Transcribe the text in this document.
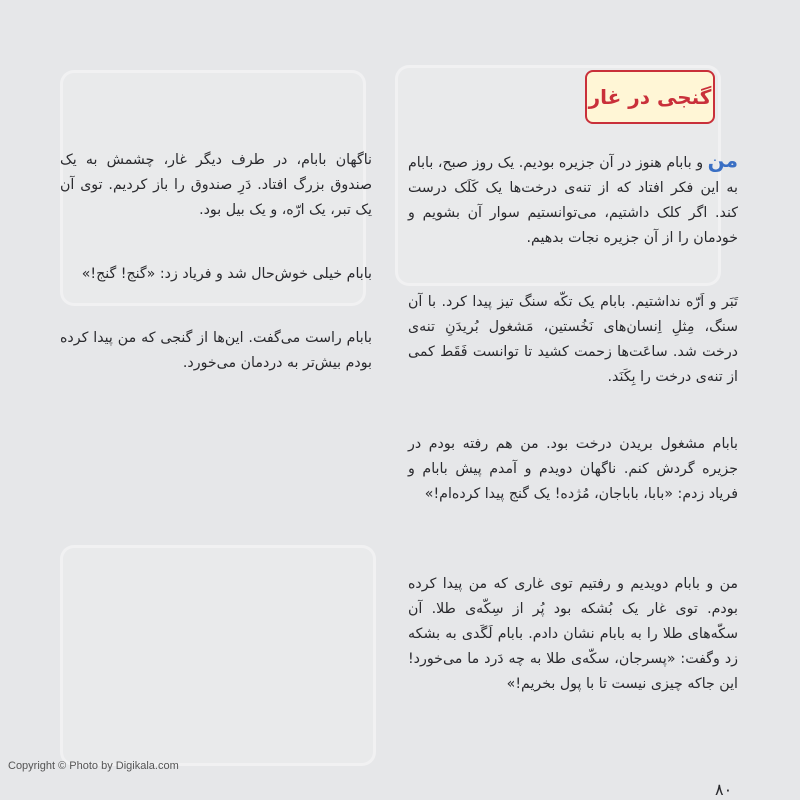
گنجی در غار

من و بابام هنوز در آن جزیره بودیم. یک روز صبح، بابام به این فکر افتاد که از تنه‌ی درخت‌ها یک کَلَک درست کند. اگر کلک داشتیم، می‌توانستیم سوار آن بشویم و خودمان را از آن جزیره نجات بدهیم.

تَبَر و اَرّه نداشتیم. بابام یک تکّه سنگ تیز پیدا کرد. با آن سنگ، مِثلِ اِنسان‌های نَخُستین، مَشغول بُریدَنِ تنه‌ی درخت شد. ساعَت‌ها زحمت کشید تا توانست فَقَط کمی از تنه‌ی درخت را بِکَنَد.

بابام مشغول بریدن درخت بود. من هم رفته بودم در جزیره گردش کنم. ناگهان دویدم و آمدم پیش بابام و فریاد زدم: «بابا، باباجان، مُژده! یک گنج پیدا کرده‌ام!»

من و بابام دویدیم و رفتیم توی غاری که من پیدا کرده بودم. توی غار یک بُشکه بود پُر از سِکّه‌ی طلا. آن سکّه‌های طلا را به بابام نشان دادم. بابام لَگَدی به بشکه زد وگفت: «پسرجان، سکّه‌ی طلا به چه دَرد ما می‌خورد! این جاکه چیزی نیست تا با پول بخریم!»

ناگهان بابام، در طرف دیگر غار، چشمش به یک صندوق بزرگ افتاد. دَرِ صندوق را باز کردیم. توی آن یک تبر، یک ارّه، و یک بیل بود.

بابام خیلی خوش‌حال شد و فریاد زد: «گنج! گنج!»

بابام راست می‌گفت. این‌ها از گنجی که من پیدا کرده بودم بیش‌تر به دردمان می‌خورد.

Copyright © Photo by Digikala.com
۸۰
